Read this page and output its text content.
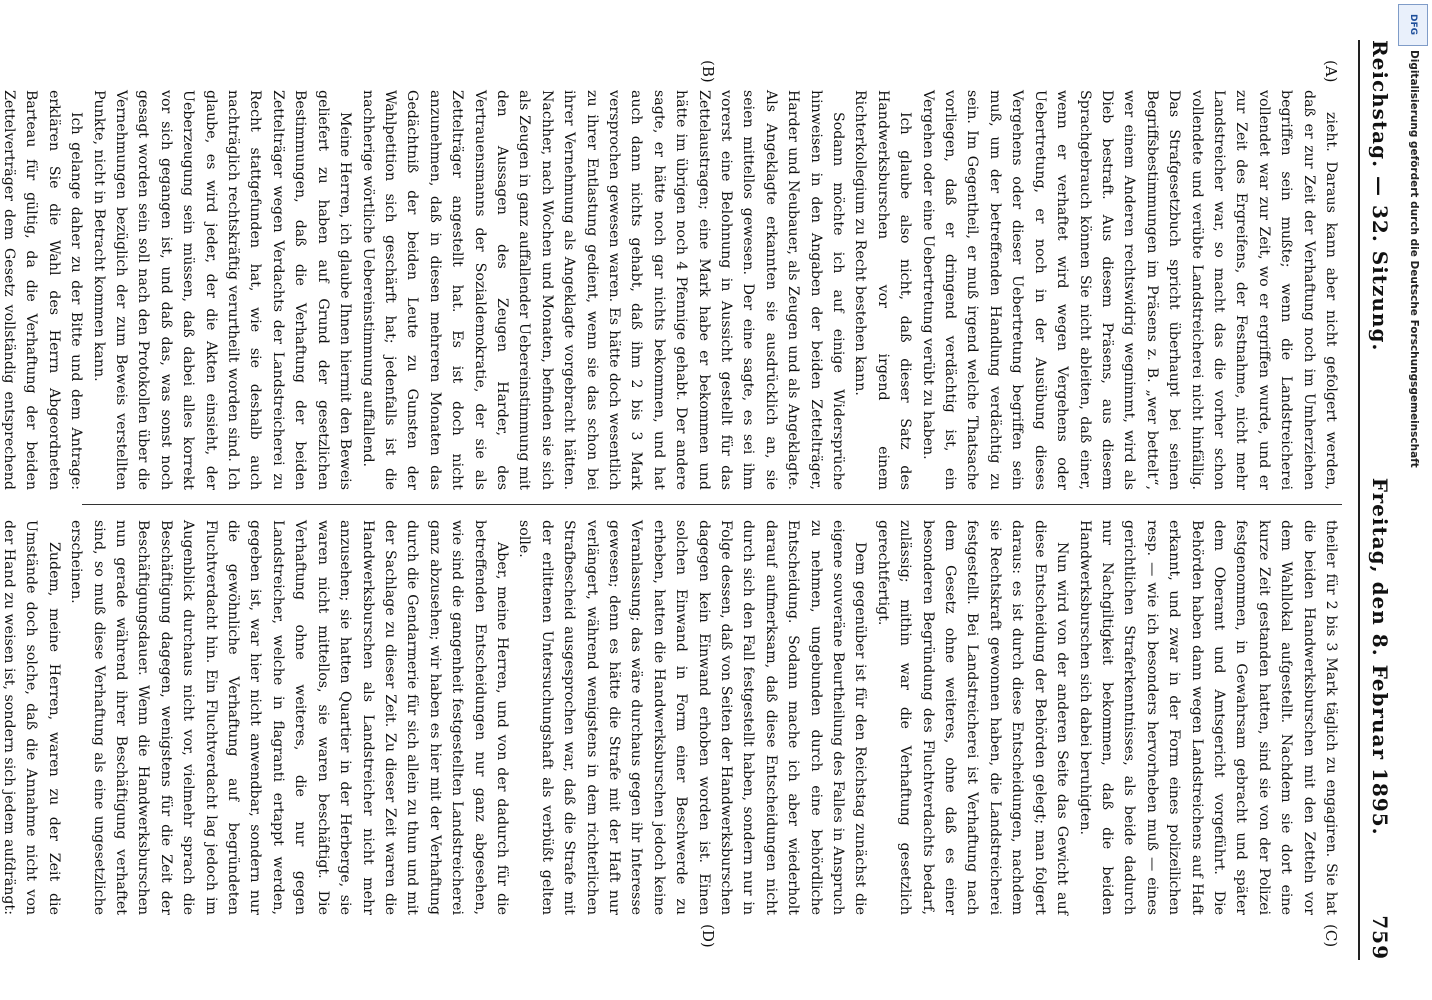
Reichstag. — 32. Sitzung.
Freitag, den 8. Februar 1895.          759
(A)
(B)
(C)
(D)

zieht. Daraus kann aber nicht gefolgert werden, daß er zur Zeit der Verhaftung noch im Umherziehen begriffen sein mußte; wenn die Landstreicherei vollendet war zur Zeit, wo er ergriffen wurde, und er zur Zeit des Ergreifens, der Festnahme, nicht mehr Landstreicher war, so macht das die vorher schon vollendete und verübte Landstreicherei nicht hinfällig. Das Strafgesetzbuch spricht überhaupt bei seinen Begriffsbestimmungen im Präsens z. B. „wer bettelt“, wer einem Anderen rechtswidrig wegnimmt, wird als Dieb bestraft. Aus diesem Präsens, aus diesem Sprachgebrauch können Sie nicht ableiten, daß einer, wenn er verhaftet wird wegen Vergehens oder Uebertretung, er noch in der Ausübung dieses Vergehens oder dieser Uebertretung begriffen sein muß, um der betreffenden Handlung verdächtig zu sein. Im Gegentheil, er muß irgend welche Thatsache vorliegen, daß er dringend verdächtig ist, ein Vergehen oder eine Uebertretung verübt zu haben.

Ich glaube also nicht, daß dieser Satz des Handwerksburschen vor irgend einem Richterkollegium zu Recht bestehen kann.

Sodann möchte ich auf einige Widersprüche hinweisen in den Angaben der beiden Zettelträger, Harder und Neubauer, als Zeugen und als Angeklagte. Als Angeklagte erkannten sie ausdrücklich an, sie seien mittellos gewesen. Der eine sagte, es sei ihm vorerst eine Belohnung in Aussicht gestellt für das Zettelaustragen; eine Mark habe er bekommen und hätte im übrigen noch 4 Pfennige gehabt. Der andere sagte, er hätte noch gar nichts bekommen, und hat auch dann nichts gehabt, daß ihm 2 bis 3 Mark versprochen gewesen waren. Es hätte doch wesentlich zu ihrer Entlastung gedient, wenn sie das schon bei ihrer Vernehmung als Angeklagte vorgebracht hätten. Nachher, nach Wochen und Monaten, befinden sie sich als Zeugen in ganz auffallender Uebereinstimmung mit den Aussagen des Zeugen Harder, des Vertrauensmanns der Sozialdemokratie, der sie als Zettelträger angestellt hat. Es ist doch nicht anzunehmen, daß in diesen mehreren Monaten das Gedächtniß der beiden Leute zu Gunsten der Wahlpetition sich geschärft hat; jedenfalls ist die nachherige wörtliche Uebereinstimmung auffallend.

Meine Herren, ich glaube Ihnen hiermit den Beweis geliefert zu haben auf Grund der gesetzlichen Bestimmungen, daß die Verhaftung der beiden Zettelträger wegen Verdachts der Landstreicherei zu Recht stattgefunden hat, wie sie deshalb auch nachträglich rechtskräftig verurtheilt worden sind. Ich glaube, es wird jeder, der die Akten einsieht, der Ueberzeugung sein müssen, daß dabei alles korrekt vor sich gegangen ist, und daß das, was sonst noch gesagt worden sein soll nach den Protokollen über die Vernehmungen bezüglich der zum Beweis verstellten Punkte, nicht in Betracht kommen kann.

Ich gelange daher zu der Bitte und dem Antrage: erklären Sie die Wahl des Herrn Abgeordneten Barteau für gültig, da die Verhaftung der beiden Zettelverträger dem Gesetz vollständig entsprechend

theiler für 2 bis 3 Mark täglich zu engagiren. Sie hat die beiden Handwerksburschen mit den Zetteln vor dem Wahllokal aufgestellt. Nachdem sie dort eine kurze Zeit gestanden hatten, sind sie von der Polizei festgenommen, in Gewahrsam gebracht und später dem Oberamt und Amtsgericht vorgeführt. Die Behörden haben dann wegen Landstreichens auf Haft erkannt, und zwar in der Form eines polizeilichen resp. — wie ich besonders hervorheben muß — eines gerichtlichen Straferkenntnisses, als beide dadurch nur Nachgiltigkeit bekommen, daß die beiden Handwerksburschen sich dabei beruhigten.

Nun wird von der anderen Seite das Gewicht auf diese Entscheidung der Behörden gelegt; man folgert daraus: es ist durch diese Entscheidungen, nachdem sie Rechtskraft gewonnen haben, die Landstreicherei festgestellt. Bei Landstreicherei ist Verhaftung nach dem Gesetz ohne weiteres, ohne daß es einer besonderen Begründung des Fluchtverdachts bedarf, zulässig; mithin war die Verhaftung gesetzlich gerechtfertigt.

Dem gegenüber ist für den Reichstag zunächst die eigene souveräne Beurtheilung des Falles in Anspruch zu nehmen, ungebunden durch eine behördliche Entscheidung. Sodann mache ich aber wiederholt darauf aufmerksam, daß diese Entscheidungen nicht durch sich den Fall festgestellt haben, sondern nur in Folge dessen, daß von Seiten der Handwerksburschen dagegen kein Einwand erhoben worden ist. Einen solchen Einwand in Form einer Beschwerde zu erheben, hatten die Handwerksburschen jedoch keine Veranlassung; das wäre durchaus gegen ihr Interesse gewesen; denn es hätte die Strafe mit der Haft nur verlängert, während wenigstens in dem richterlichen Strafbescheid ausgesprochen war, daß die Strafe mit der erlittenen Untersuchungshaft als verbüßt gelten solle.

Aber, meine Herren, und von der dadurch für die betreffenden Entscheidungen nur ganz abgesehen, wie sind die gangenheit festgestellten Landstreicherei ganz abzusehen; wir haben es hier mit der Verhaftung durch die Gendarmerie für sich allein zu thun und mit der Sachlage zu dieser Zeit. Zu dieser Zeit waren die Handwerksburschen als Landstreicher nicht mehr anzusehen; sie hatten Quartier in der Herberge, sie waren nicht mittellos, sie waren beschäftigt. Die Verhaftung ohne weiteres, die nur gegen Landstreicher, welche in flagranti ertappt werden, gegeben ist, war hier nicht anwendbar, sondern nur die gewöhnliche Verhaftung auf begründeten Fluchtverdacht hin. Ein Fluchtverdacht lag jedoch im Augenblick durchaus nicht vor, vielmehr sprach die Beschäftigung dagegen, wenigstens für die Zeit der Beschäftigungsdauer. Wenn die Handwerksburschen nun gerade während ihrer Beschäftigung verhaftet sind, so muß diese Verhaftung als eine ungesetzliche erscheinen.

Zudem, meine Herren, waren zu der Zeit die Umstände doch solche, daß die Annahme nicht von der Hand zu weisen ist, sondern sich jedem aufdrängt:

DFG
Digitalisierung gefördert durch die Deutsche Forschungsgemeinschaft
